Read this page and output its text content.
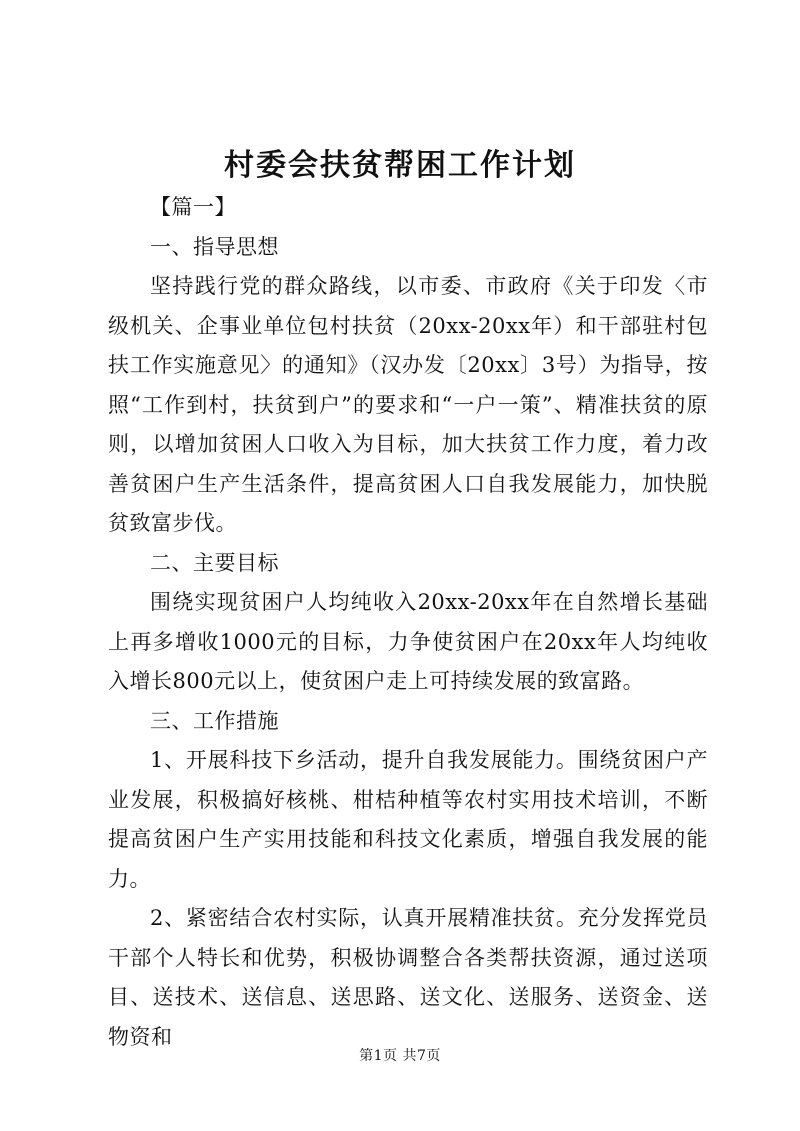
村委会扶贫帮困工作计划

【篇一】

一、指导思想

坚持践行党的群众路线，以市委、市政府《关于印发〈市级机关、企事业单位包村扶贫（20xx-20xx年）和干部驻村包扶工作实施意见〉的通知》（汉办发〔20xx〕3号）为指导，按照“工作到村，扶贫到户”的要求和“一户一策”、精准扶贫的原则，以增加贫困人口收入为目标，加大扶贫工作力度，着力改善贫困户生产生活条件，提高贫困人口自我发展能力，加快脱贫致富步伐。

二、主要目标

围绕实现贫困户人均纯收入20xx-20xx年在自然增长基础上再多增收1000元的目标，力争使贫困户在20xx年人均纯收入增长800元以上，使贫困户走上可持续发展的致富路。

三、工作措施

1、开展科技下乡活动，提升自我发展能力。围绕贫困户产业发展，积极搞好核桃、柑桔种植等农村实用技术培训，不断提高贫困户生产实用技能和科技文化素质，增强自我发展的能力。

2、紧密结合农村实际，认真开展精准扶贫。充分发挥党员干部个人特长和优势，积极协调整合各类帮扶资源，通过送项目、送技术、送信息、送思路、送文化、送服务、送资金、送物资和

第1页 共7页
